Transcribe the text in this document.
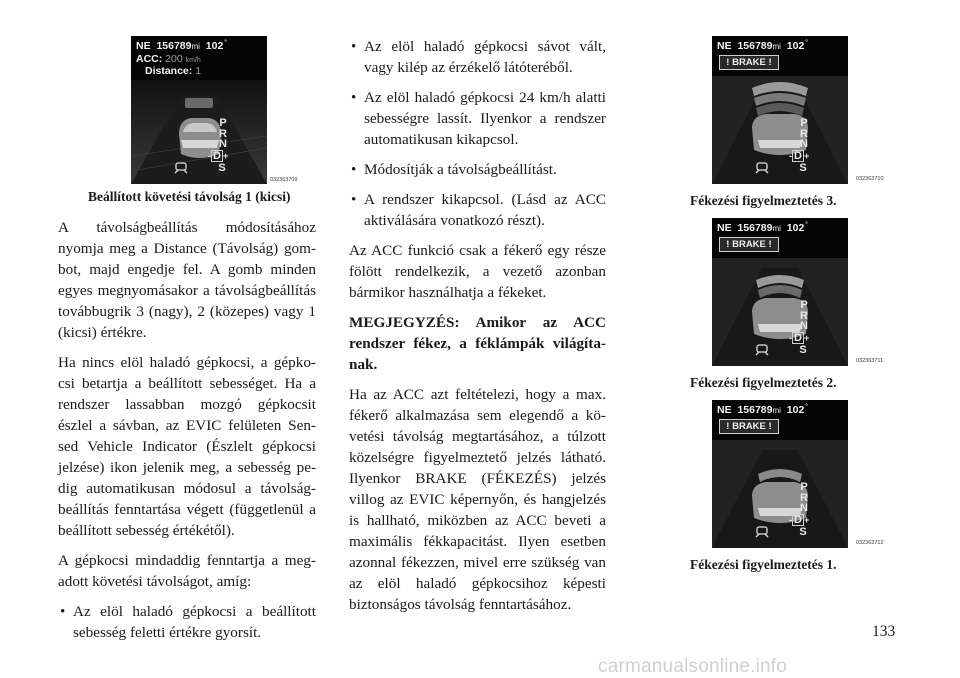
NE 156789mi 102°
ACC: 200 km/h
Distance: 1
P
R
N
- D +
S
032363709
Beállított követési távolság 1 (kicsi)

A távolságbeállítás módosításához nyomja meg a Distance (Távolság) gom-bot, majd engedje fel. A gomb minden egyes megnyomásakor a távolságbeállítás továbbugrik 3 (nagy), 2 (közepes) vagy 1 (kicsi) értékre.

Ha nincs elöl haladó gépkocsi, a gépko-csi betartja a beállított sebességet. Ha a rendszer lassabban mozgó gépkocsit észlel a sávban, az EVIC felületen Sen-sed Vehicle Indicator (Észlelt gépkocsi jelzése) ikon jelenik meg, a sebesség pe-dig automatikusan módosul a távolság-beállítás fenntartása végett (függetlenül a beállított sebesség értékétől).

A gépkocsi mindaddig fenntartja a meg-adott követési távolságot, amíg:

• Az elöl haladó gépkocsi a beállított sebesség feletti értékre gyorsít.
• Az elöl haladó gépkocsi sávot vált, vagy kilép az érzékelő látóteréből.
• Az elöl haladó gépkocsi 24 km/h alatti sebességre lassít. Ilyenkor a rendszer automatikusan kikapcsol.
• Módosítják a távolságbeállítást.
• A rendszer kikapcsol. (Lásd az ACC aktiválására vonatkozó részt).

Az ACC funkció csak a fékerő egy része fölött rendelkezik, a vezető azonban bármikor használhatja a fékeket.

MEGJEGYZÉS: Amikor az ACC rendszer fékez, a féklámpák világíta-nak.

Ha az ACC azt feltételezi, hogy a max. fékerő alkalmazása sem elegendő a kö-vetési távolság megtartásához, a túlzott közelségre figyelmeztető jelzés látható. Ilyenkor BRAKE (FÉKEZÉS) jelzés villog az EVIC képernyőn, és hangjelzés is hallható, miközben az ACC beveti a maximális fékkapacitást. Ilyen esetben azonnal fékezzen, mivel erre szükség van az elöl haladó gépkocsihoz képesti biztonságos távolság fenntartásához.

NE 156789mi 102°
! BRAKE !
P
R
N
- D +
S
032363710
Fékezési figyelmeztetés 3.
NE 156789mi 102°
! BRAKE !
P
R
N
- D +
S
032363711
Fékezési figyelmeztetés 2.
NE 156789mi 102°
! BRAKE !
P
R
N
- D +
S
032363712
Fékezési figyelmeztetés 1.
133
carmanualsonline.info
